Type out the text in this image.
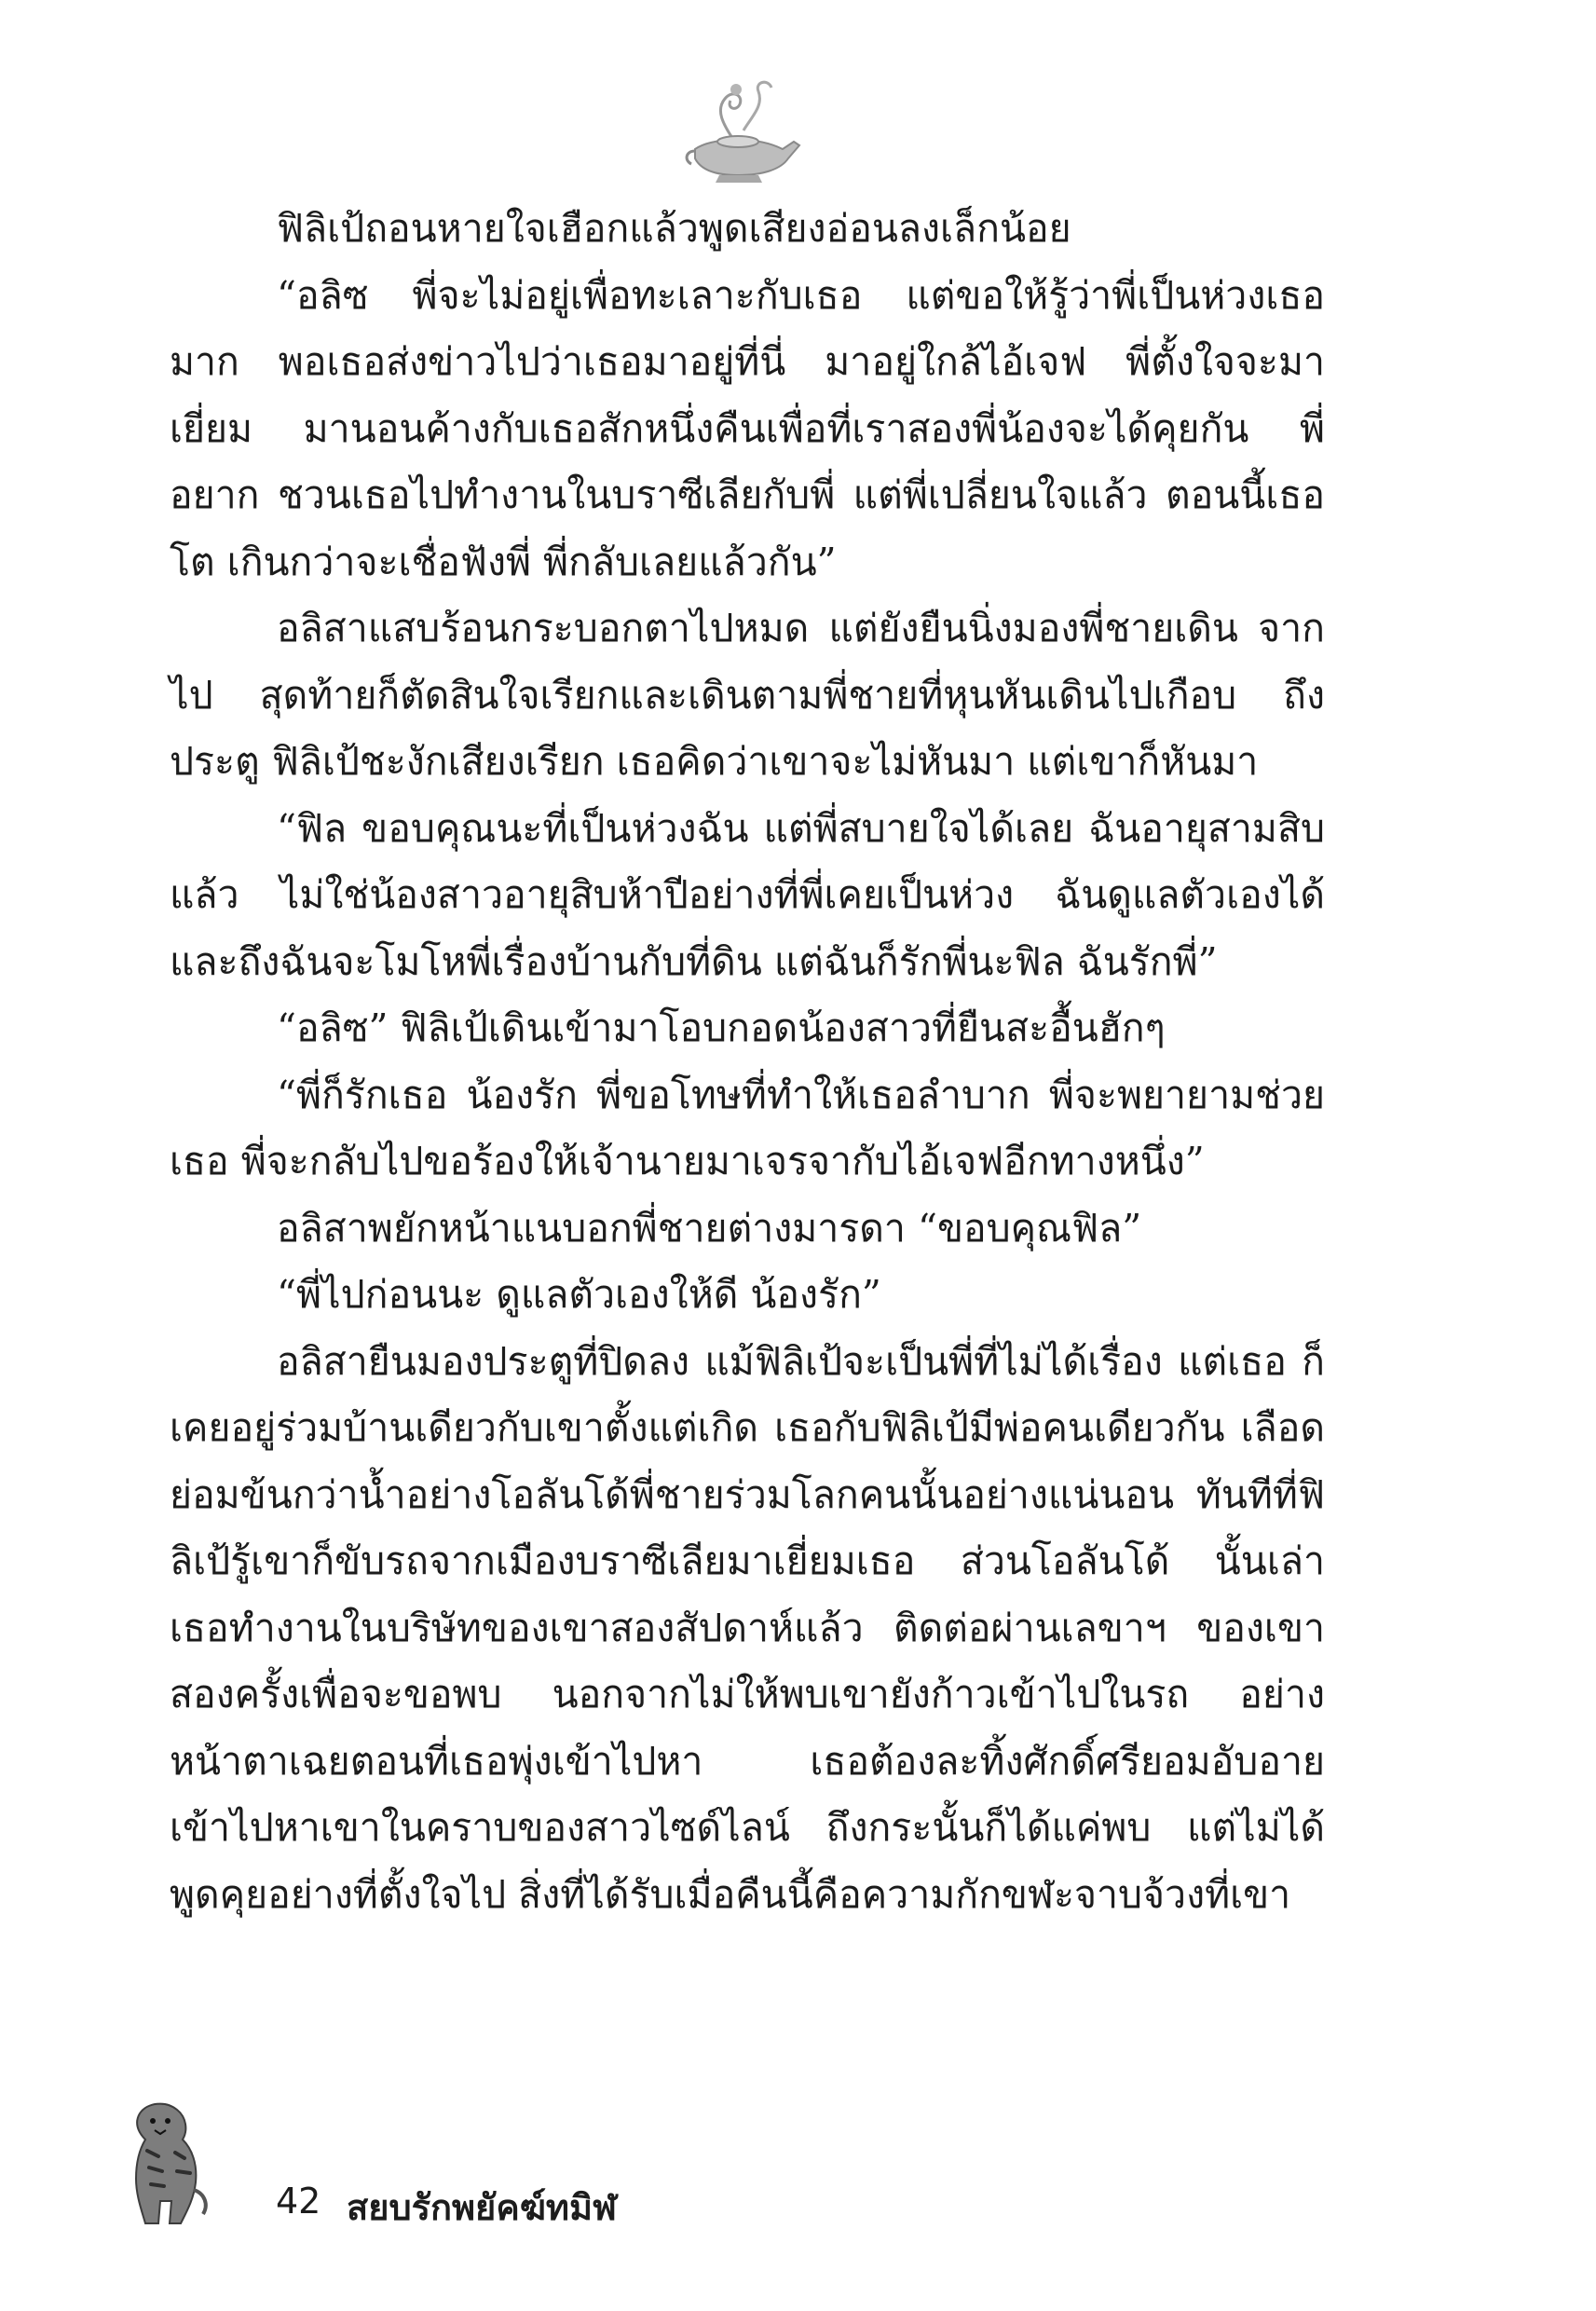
ฟิลิเป้ถอนหายใจเฮือกแล้วพูดเสียงอ่อนลงเล็กน้อย

“อลิซ พี่จะไม่อยู่เพื่อทะเลาะกับเธอ แต่ขอให้รู้ว่าพี่เป็นห่วงเธอมาก พอเธอส่งข่าวไปว่าเธอมาอยู่ที่นี่ มาอยู่ใกล้ไอ้เจฟ พี่ตั้งใจจะมาเยี่ยม มานอนค้างกับเธอสักหนึ่งคืนเพื่อที่เราสองพี่น้องจะได้คุยกัน พี่อยาก ชวนเธอไปทำงานในบราซีเลียกับพี่ แต่พี่เปลี่ยนใจแล้ว ตอนนี้เธอโต เกินกว่าจะเชื่อฟังพี่ พี่กลับเลยแล้วกัน”

อลิสาแสบร้อนกระบอกตาไปหมด แต่ยังยืนนิ่งมองพี่ชายเดิน จากไป สุดท้ายก็ตัดสินใจเรียกและเดินตามพี่ชายที่หุนหันเดินไปเกือบ ถึงประตู ฟิลิเป้ชะงักเสียงเรียก เธอคิดว่าเขาจะไม่หันมา แต่เขาก็หันมา

“ฟิล ขอบคุณนะที่เป็นห่วงฉัน แต่พี่สบายใจได้เลย ฉันอายุสามสิบ แล้ว ไม่ใช่น้องสาวอายุสิบห้าปีอย่างที่พี่เคยเป็นห่วง ฉันดูแลตัวเองได้ และถึงฉันจะโมโหพี่เรื่องบ้านกับที่ดิน แต่ฉันก็รักพี่นะฟิล ฉันรักพี่”

“อลิซ” ฟิลิเป้เดินเข้ามาโอบกอดน้องสาวที่ยืนสะอื้นฮักๆ

“พี่ก็รักเธอ น้องรัก พี่ขอโทษที่ทำให้เธอลำบาก พี่จะพยายามช่วย เธอ พี่จะกลับไปขอร้องให้เจ้านายมาเจรจากับไอ้เจฟอีกทางหนึ่ง”

อลิสาพยักหน้าแนบอกพี่ชายต่างมารดา “ขอบคุณฟิล”

“พี่ไปก่อนนะ ดูแลตัวเองให้ดี น้องรัก”

อลิสายืนมองประตูที่ปิดลง แม้ฟิลิเป้จะเป็นพี่ที่ไม่ได้เรื่อง แต่เธอ ก็เคยอยู่ร่วมบ้านเดียวกับเขาตั้งแต่เกิด เธอกับฟิลิเป้มีพ่อคนเดียวกัน เลือดย่อมข้นกว่าน้ำอย่างโอลันโด้พี่ชายร่วมโลกคนนั้นอย่างแน่นอน ทันทีที่ฟิลิเป้รู้เขาก็ขับรถจากเมืองบราซีเลียมาเยี่ยมเธอ ส่วนโอลันโด้ นั้นเล่า เธอทำงานในบริษัทของเขาสองสัปดาห์แล้ว ติดต่อผ่านเลขาฯ ของเขาสองครั้งเพื่อจะขอพบ นอกจากไม่ให้พบเขายังก้าวเข้าไปในรถ อย่างหน้าตาเฉยตอนที่เธอพุ่งเข้าไปหา เธอต้องละทิ้งศักดิ์ศรียอมอับอาย เข้าไปหาเขาในคราบของสาวไซด์ไลน์ ถึงกระนั้นก็ได้แค่พบ แต่ไม่ได้ พูดคุยอย่างที่ตั้งใจไป สิ่งที่ได้รับเมื่อคืนนี้คือความกักขฬะจาบจ้วงที่เขา

42 สยบรักพยัคฆ์ทมิฬ
